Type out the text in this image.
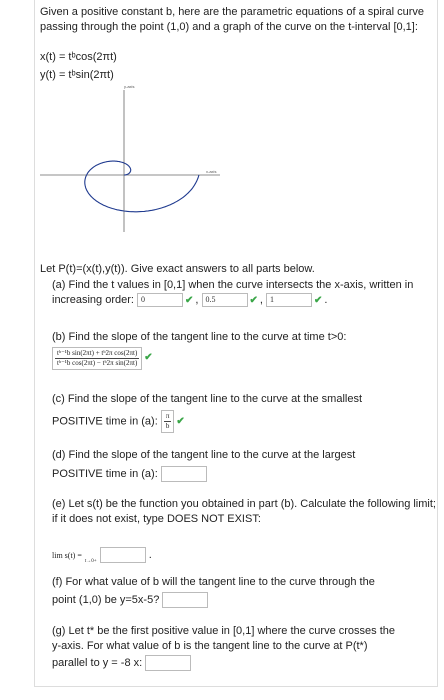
Given a positive constant b, here are the parametric equations of a spiral curve passing through the point (1,0) and a graph of the curve on the t-interval [0,1]:
x(t) = tᵇcos(2πt)
y(t) = tᵇsin(2πt)
y-axis
x-axis
Let P(t)=(x(t),y(t)). Give exact answers to all parts below.
(a) Find the t values in [0,1] when the curve intersects the x-axis, written in increasing order: 0	✔ , 0.5	✔ , 1	✔ .
(b) Find the slope of the tangent line to the curve at time t>0:
$\frac{\text{tᵇ⁻¹b sin(2πt) + tᵇ2π cos(2πt)}}{\text{tᵇ⁻¹b cos(2πt) − tᵇ2π sin(2πt)}}$ ✔
(c) Find the slope of the tangent line to the curve at the smallest
POSITIVE time in (a): $\frac{\pi}{b}$ ✔
(d) Find the slope of the tangent line to the curve at the largest
POSITIVE time in (a):
(e) Let s(t) be the function you obtained in part (b). Calculate the following limit; if it does not exist, type DOES NOT EXIST:
lim s(t) = $_{t\to 0+}$  .
(f) For what value of b will the tangent line to the curve through the
point (1,0) be y=5x-5?
(g) Let t* be the first positive value in [0,1] where the curve crosses the
y-axis. For what value of b is the tangent line to the curve at P(t*)
parallel to y = -8 x:
